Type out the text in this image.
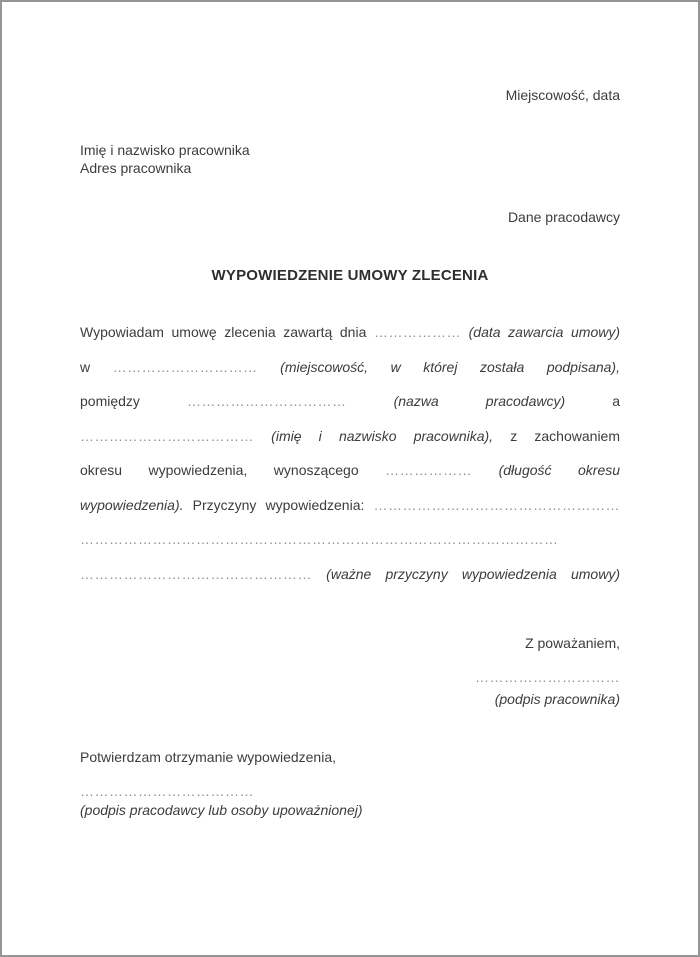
Miejscowość, data
Imię i nazwisko pracownika
Adres pracownika
Dane pracodawcy
WYPOWIEDZENIE UMOWY ZLECENIA
Wypowiadam umowę zlecenia zawartą dnia ……………… (data zawarcia umowy)
w ………………………… (miejscowość, w której została podpisana),
pomiędzy	……………………………	(nazwa pracodawcy)	a
……………………………… (imię i nazwisko pracownika), z zachowaniem
okresu wypowiedzenia, wynoszącego ……………… (długość okresu
wypowiedzenia). Przyczyny wypowiedzenia: ……………………………………………
………………………………………………………………………………………
………………………………………… (ważne przyczyny wypowiedzenia umowy)
Z poważaniem,
…………………………
(podpis pracownika)
Potwierdzam otrzymanie wypowiedzenia,
………………………………
(podpis pracodawcy lub osoby upoważnionej)
